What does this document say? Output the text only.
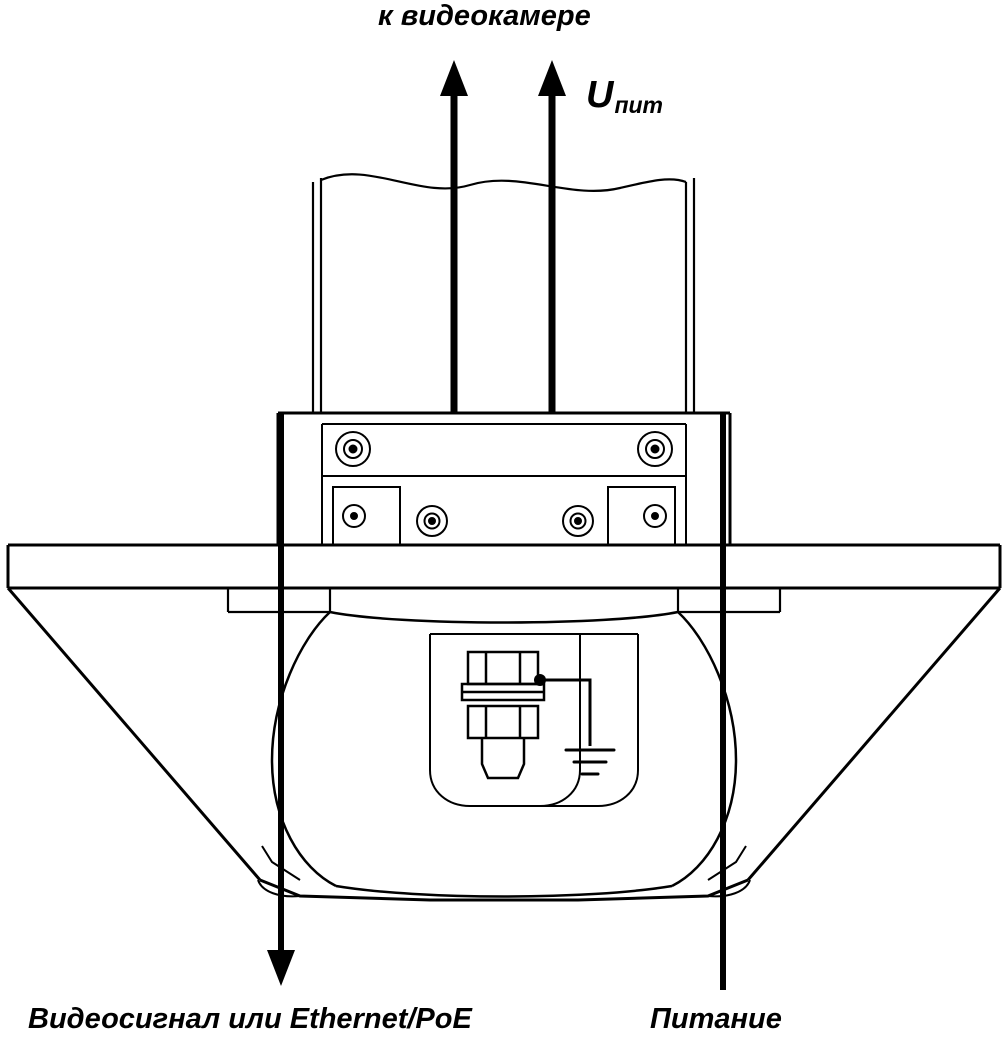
к видеокамере
$U_{пит}$
Видеосигнал или Ethernet/PoE	Питание
